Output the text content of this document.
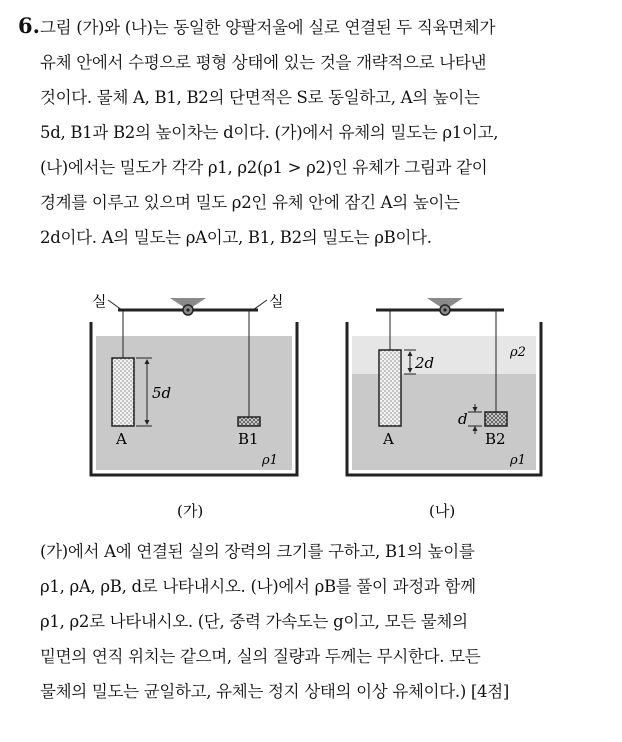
6. 그림 (가)와 (나)는 동일한 양팔저울에 실로 연결된 두 직육면체가
유체 안에서 수평으로 평형 상태에 있는 것을 개략적으로 나타낸
것이다. 물체 A, B1, B2의 단면적은 S로 동일하고, A의 높이는
5d, B1과 B2의 높이차는 d이다. (가)에서 유체의 밀도는 ρ1이고,
(나)에서는 밀도가 각각 ρ1, ρ2(ρ1 > ρ2)인 유체가 그림과 같이
경계를 이루고 있으며 밀도 ρ2인 유체 안에 잠긴 A의 높이는
2d이다. A의 밀도는 ρA이고, B1, B2의 밀도는 ρB이다.
실	실
5d
A	B1
ρ1
(가)
2d
d
A	B2
ρ2
ρ1
(나)
(가)에서 A에 연결된 실의 장력의 크기를 구하고, B1의 높이를
ρ1, ρA, ρB, d로 나타내시오. (나)에서 ρB를 풀이 과정과 함께
ρ1, ρ2로 나타내시오. (단, 중력 가속도는 g이고, 모든 물체의
밑면의 연직 위치는 같으며, 실의 질량과 두께는 무시한다. 모든
물체의 밀도는 균일하고, 유체는 정지 상태의 이상 유체이다.) [4점]
